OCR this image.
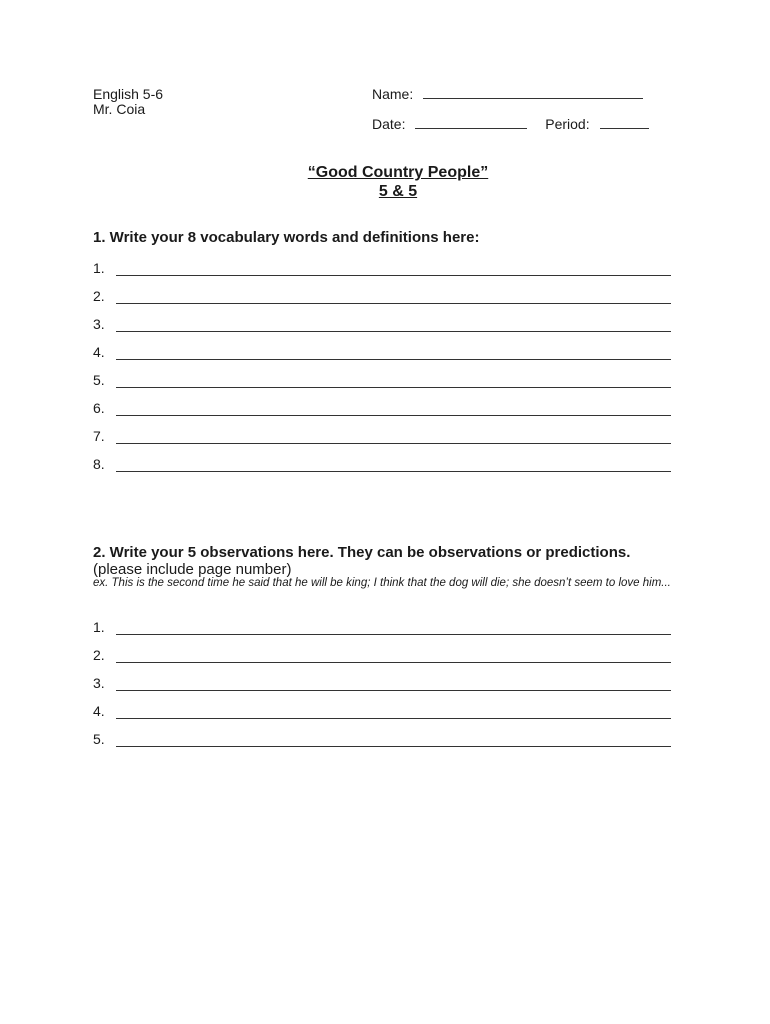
English 5-6
Mr. Coia
Name:
Date:	Period:
“Good Country People”
5 & 5
1. Write your 8 vocabulary words and definitions here:
1.
2.
3.
4.
5.
6.
7.
8.
2. Write your 5 observations here. They can be observations or predictions. (please include page number)
ex. This is the second time he said that he will be king; I think that the dog will die; she doesn’t seem to love him...
1.
2.
3.
4.
5.
